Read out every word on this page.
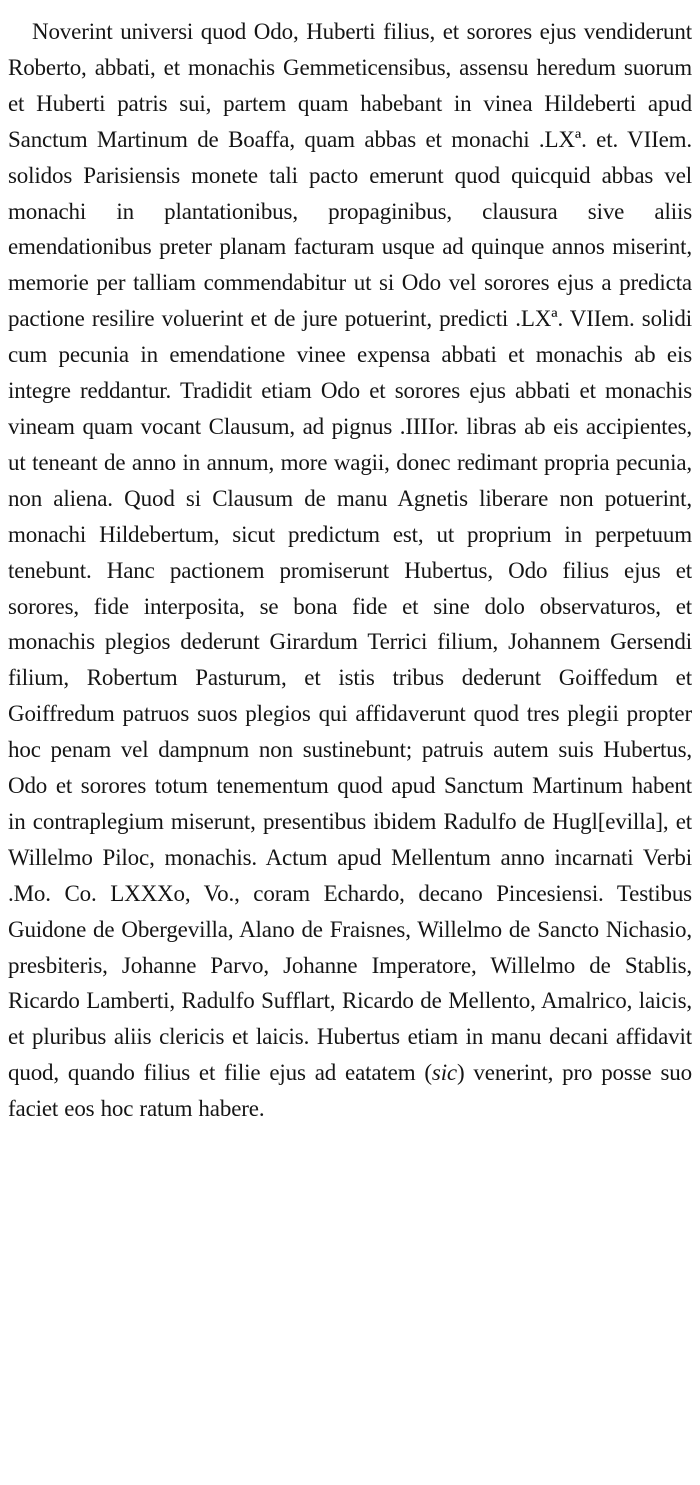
Noverint universi quod Odo, Huberti filius, et sorores ejus vendiderunt Roberto, abbati, et monachis Gemmeticensibus, assensu heredum suorum et Huberti patris sui, partem quam habebant in vinea Hildeberti apud Sanctum Martinum de Boaffa, quam abbas et monachi .LXª. et. VIIem. solidos Parisiensis monete tali pacto emerunt quod quicquid abbas vel monachi in plantationibus, propaginibus, clausura sive aliis emendationibus preter planam facturam usque ad quinque annos miserint, memorie per talliam commendabitur ut si Odo vel sorores ejus a predicta pactione resilire voluerint et de jure potuerint, predicti .LXª. VIIem. solidi cum pecunia in emendatione vinee expensa abbati et monachis ab eis integre reddantur. Tradidit etiam Odo et sorores ejus abbati et monachis vineam quam vocant Clausum, ad pignus .IIIIor. libras ab eis accipientes, ut teneant de anno in annum, more wagii, donec redimant propria pecunia, non aliena. Quod si Clausum de manu Agnetis liberare non potuerint, monachi Hildebertum, sicut predictum est, ut proprium in perpetuum tenebunt. Hanc pactionem promiserunt Hubertus, Odo filius ejus et sorores, fide interposita, se bona fide et sine dolo observaturos, et monachis plegios dederunt Girardum Terrici filium, Johannem Gersendi filium, Robertum Pasturum, et istis tribus dederunt Goiffedum et Goiffredum patruos suos plegios qui affidaverunt quod tres plegii propter hoc penam vel dampnum non sustinebunt; patruis autem suis Hubertus, Odo et sorores totum tenementum quod apud Sanctum Martinum habent in contraplegium miserunt, presentibus ibidem Radulfo de Hugl[evilla], et Willelmo Piloc, monachis. Actum apud Mellentum anno incarnati Verbi .Mo. Co. LXXXo, Vo., coram Echardo, decano Pincesiensi. Testibus Guidone de Obergevilla, Alano de Fraisnes, Willelmo de Sancto Nichasio, presbiteris, Johanne Parvo, Johanne Imperatore, Willelmo de Stablis, Ricardo Lamberti, Radulfo Sufflart, Ricardo de Mellento, Amalrico, laicis, et pluribus aliis clericis et laicis. Hubertus etiam in manu decani affidavit quod, quando filius et filie ejus ad eatatem (sic) venerint, pro posse suo faciet eos hoc ratum habere.
